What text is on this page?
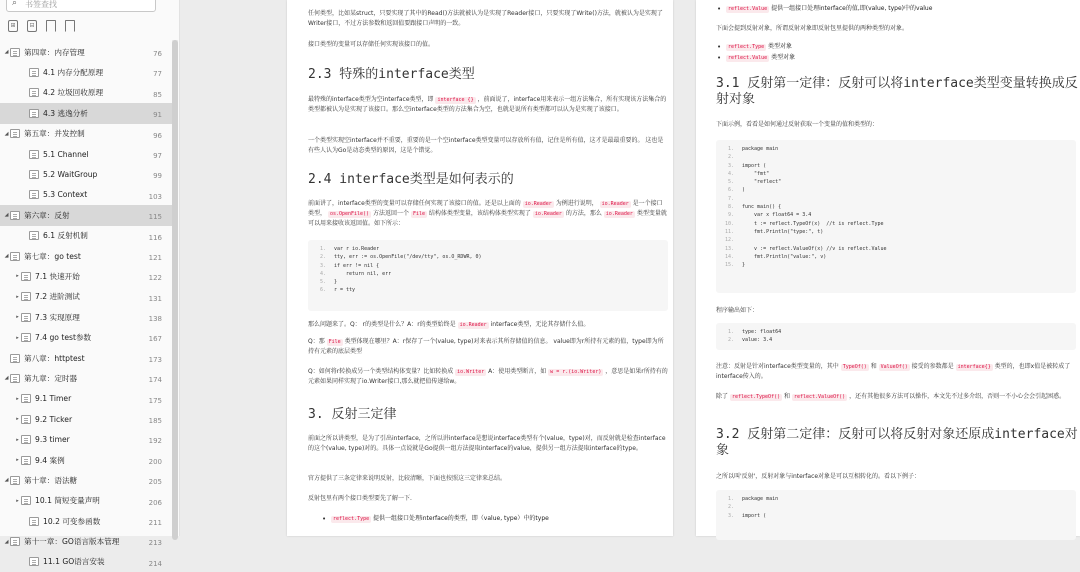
⌕ 书签查找
⊞	⊟
◢ 第四章：内存管理	76
4.1 内存分配原理	77
4.2 垃圾回收原理	85
4.3 逃逸分析	91
◢ 第五章：并发控制	96
5.1 Channel	97
5.2 WaitGroup	99
5.3 Context	103
◢ 第六章：反射	115
6.1 反射机制	116
◢ 第七章：go test	121
▸ 7.1 快速开始	122
▸ 7.2 进阶测试	131
▸ 7.3 实现原理	138
▸ 7.4 go test参数	167
第八章：httptest	173
◢ 第九章：定时器	174
▸ 9.1 Timer	175
▸ 9.2 Ticker	185
▸ 9.3 timer	192
▸ 9.4 案例	200
◢ 第十章：语法糖	205
▸ 10.1 简短变量声明	206
10.2 可变参函数	211
◢ 第十一章：GO语言版本管理	213
11.1 GO语言安装	214
任何类型，比如某struct，只要实现了其中的Read()方法就被认为是实现了Reader接口，只要实现了Write()方法，就被认为是实现了Writer接口，不过方法参数和返回值要跟接口声明的一致。
接口类型的变量可以存储任何实现该接口的值。
2.3 特殊的interface类型
最特殊的interface类型为空interface类型，即 interface {} ，前面说了，interface用来表示一组方法集合，所有实现该方法集合的类型都被认为是实现了该接口。那么空interface类型的方法集合为空，也就是说所有类型都可以认为是实现了该接口。
一个类型实现空interface并不重要，重要的是一个空interface类型变量可以存放所有值，记住是所有值，这才是最最重要的。 这也是有些人认为Go是动态类型的原因，这是个错觉。
2.4 interface类型是如何表示的
前面讲了，interface类型的变量可以存储任何实现了该接口的值。还是以上面的 io.Reader 为例进行说明， io.Reader 是一个接口类型， os.OpenFile() 方法返回一个 File 结构体类型变量，该结构体类型实现了 io.Reader 的方法，那么 io.Reader 类型变量就可以用来接收该返回值。如下所示：
1. var r io.Reader
2. tty, err := os.OpenFile("/dev/tty", os.O_RDWR, 0)
3. if err != nil {
4.    return nil, err
5. }
6. r = tty
那么问题来了。Q： r的类型是什么？A：r的类型始终是 io.Reader interface类型，无论其存储什么值。
Q：那 File 类型体现在哪里？A：r保存了一个(value, type)对来表示其所存储值的信息。 value即为r所持有元素的值，type即为所持有元素的底层类型
Q：如何将r转换成另一个类型结构体变量？比如转换成 io.Writer A：使用类型断言，如 w = r.(io.Writer) ，意思是如果r所持有的元素如果同样实现了io.Writer接口,那么就把值传递给w。
3. 反射三定律
前面之所以讲类型，是为了引出interface，之所以讲interface是想说interface类型有个(value，type)对，而反射就是检查interface的这个(value, type)对的。具体一点说就是Go提供一组方法提取interface的value，提供另一组方法提取interface的type。
官方提供了三条定律来说明反射，比较清晰，下面也按照这三定律来总结。
反射包里有两个接口类型要先了解一下.
• reflect.Type 提供一组接口处理interface的类型，即（value, type）中的type
• reflect.Value 提供一组接口处理interface的值,即(value, type)中的value
下面会提到反射对象，所谓反射对象即反射包里提供的两种类型的对象。
• reflect.Type 类型对象
• reflect.Value 类型对象
3.1 反射第一定律：反射可以将interface类型变量转换成反射对象
下面示例，看看是如何通过反射获取一个变量的值和类型的：
1. package main
2.
3. import (
4.    "fmt"
5.    "reflect"
6. )
7.
8. func main() {
9.    var x float64 = 3.4
10.    t := reflect.TypeOf(x)  //t is reflect.Type
11.    fmt.Println("type:", t)
12.
13.    v := reflect.ValueOf(x) //v is reflect.Value
14.    fmt.Println("value:", v)
15. }
程序输出如下：
1. type: float64
2. value: 3.4
注意：反射是针对interface类型变量的，其中 TypeOf() 和 ValueOf() 接受的参数都是 interface{} 类型的，也即x值是被转成了interface传入的。
除了 reflect.TypeOf() 和 reflect.ValueOf() ，还有其他很多方法可以操作，本文先不过多介绍，否则一不小心会会引起困惑。
3.2 反射第二定律：反射可以将反射对象还原成interface对象
之所以叫'反射'，反射对象与interface对象是可以互相转化的。看以下例子：
1. package main
2.
3. import (
